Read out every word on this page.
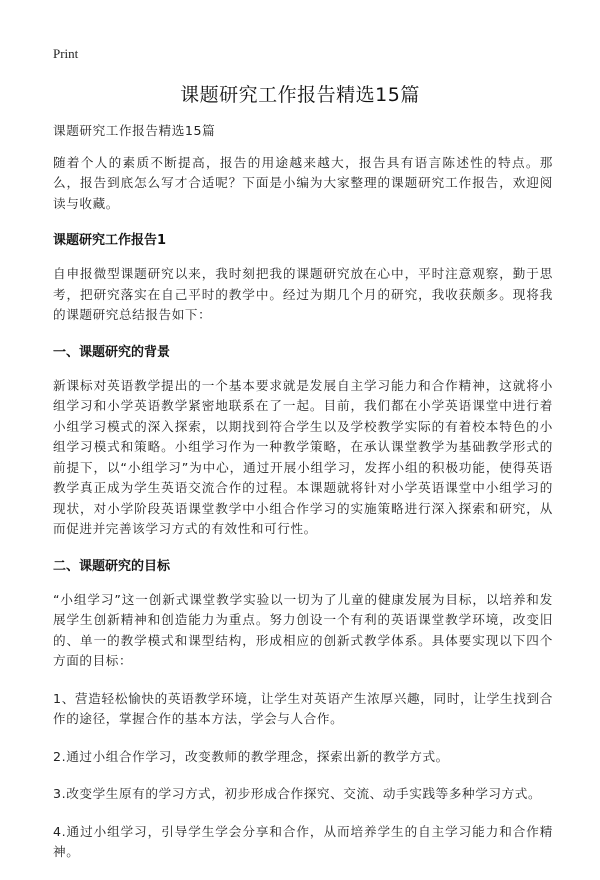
Print
课题研究工作报告精选15篇

课题研究工作报告精选15篇

随着个人的素质不断提高，报告的用途越来越大，报告具有语言陈述性的特点。那么，报告到底怎么写才合适呢？下面是小编为大家整理的课题研究工作报告，欢迎阅读与收藏。

课题研究工作报告1

自申报微型课题研究以来，我时刻把我的课题研究放在心中，平时注意观察，勤于思考，把研究落实在自己平时的教学中。经过为期几个月的研究，我收获颇多。现将我的课题研究总结报告如下：

一、课题研究的背景

新课标对英语教学提出的一个基本要求就是发展自主学习能力和合作精神，这就将小组学习和小学英语教学紧密地联系在了一起。目前，我们都在小学英语课堂中进行着小组学习模式的深入探索，以期找到符合学生以及学校教学实际的有着校本特色的小组学习模式和策略。小组学习作为一种教学策略，在承认课堂教学为基础教学形式的前提下，以“小组学习”为中心，通过开展小组学习，发挥小组的积极功能，使得英语教学真正成为学生英语交流合作的过程。本课题就将针对小学英语课堂中小组学习的现状，对小学阶段英语课堂教学中小组合作学习的实施策略进行深入探索和研究，从而促进并完善该学习方式的有效性和可行性。

二、课题研究的目标

“小组学习”这一创新式课堂教学实验以一切为了儿童的健康发展为目标，以培养和发展学生创新精神和创造能力为重点。努力创设一个有利的英语课堂教学环境，改变旧的、单一的教学模式和课型结构，形成相应的创新式教学体系。具体要实现以下四个方面的目标：

1、营造轻松愉快的英语教学环境，让学生对英语产生浓厚兴趣，同时，让学生找到合作的途径，掌握合作的基本方法，学会与人合作。

2.通过小组合作学习，改变教师的教学理念，探索出新的教学方式。

3.改变学生原有的学习方式，初步形成合作探究、交流、动手实践等多种学习方式。

4.通过小组学习，引导学生学会分享和合作，从而培养学生的自主学习能力和合作精神。
